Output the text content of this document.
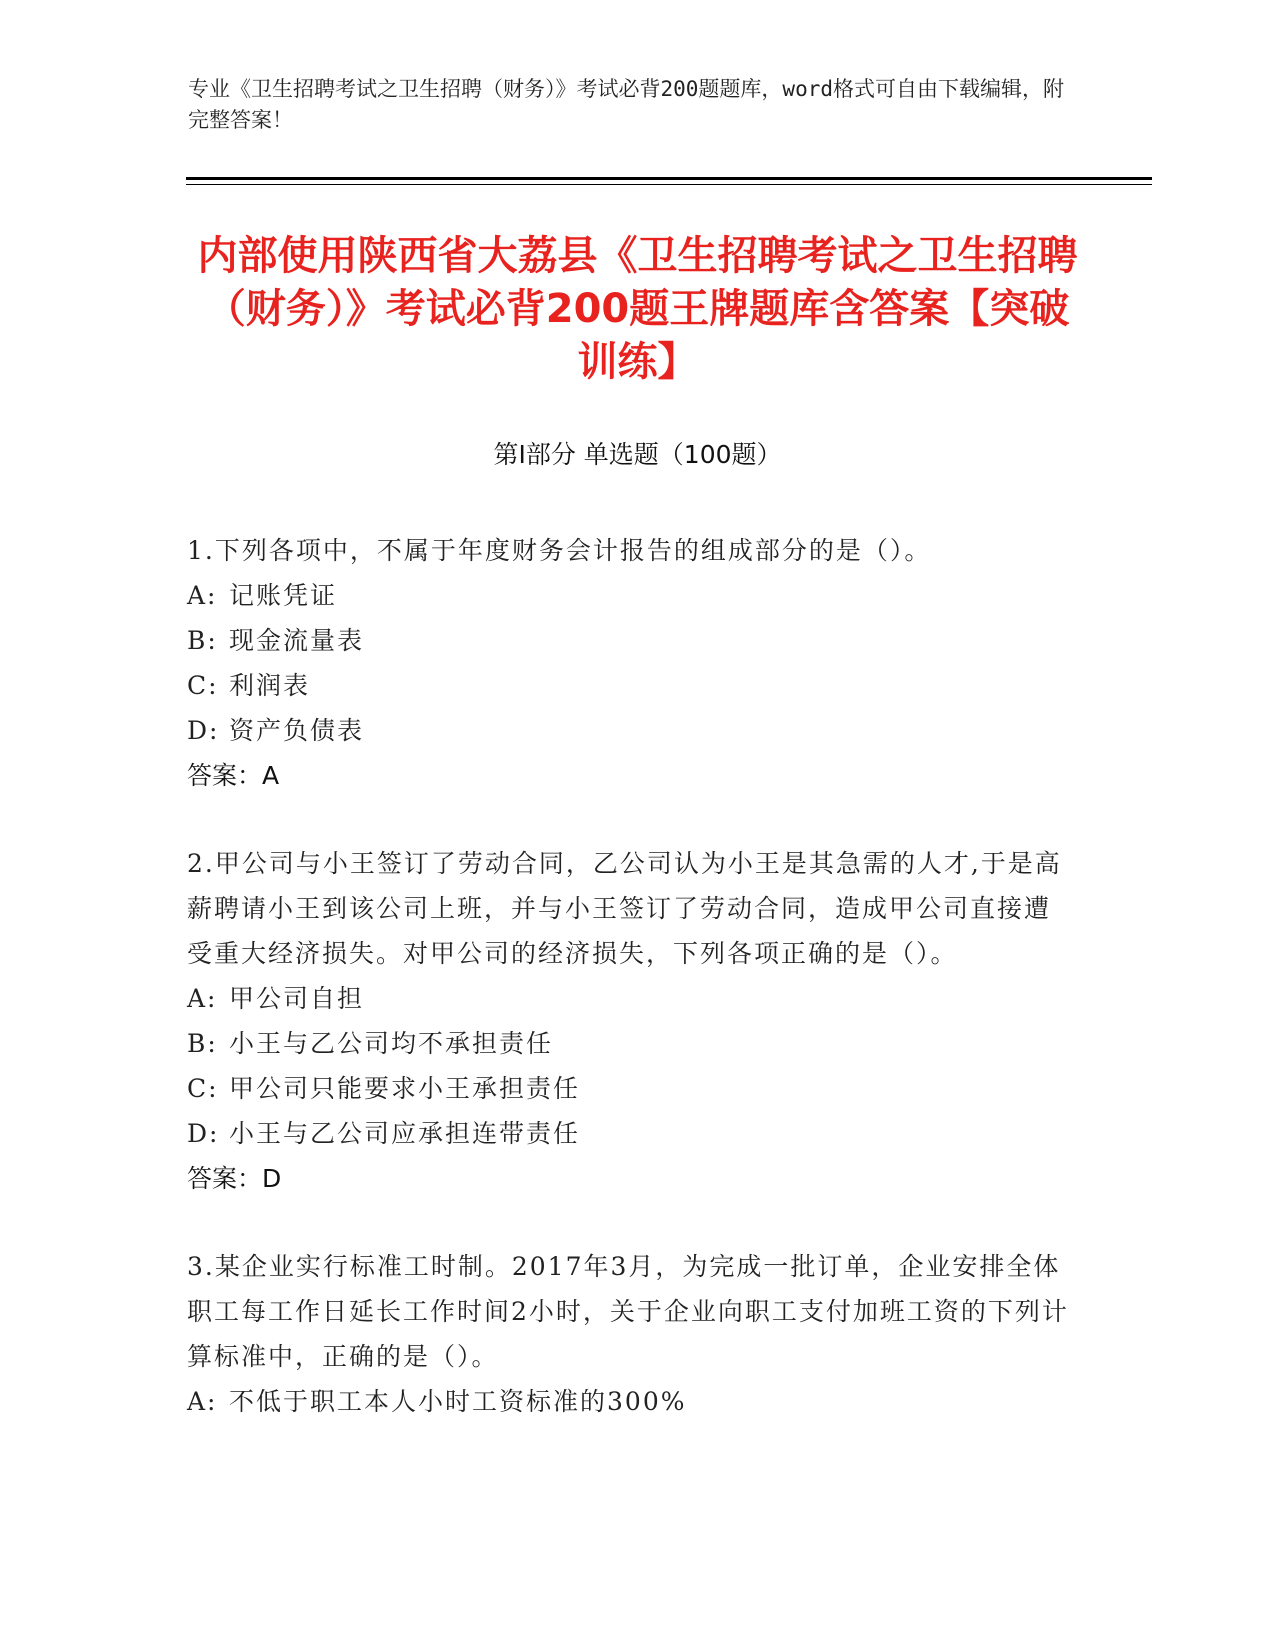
专业《卫生招聘考试之卫生招聘（财务）》考试必背200题题库，word格式可自由下载编辑，附完整答案！
内部使用陕西省大荔县《卫生招聘考试之卫生招聘（财务）》考试必背200题王牌题库含答案【突破训练】
第I部分 单选题（100题）
1.下列各项中，不属于年度财务会计报告的组成部分的是（）。
A: 记账凭证
B: 现金流量表
C: 利润表
D: 资产负债表
答案：A
2.甲公司与小王签订了劳动合同，乙公司认为小王是其急需的人才,于是高薪聘请小王到该公司上班，并与小王签订了劳动合同，造成甲公司直接遭受重大经济损失。对甲公司的经济损失，下列各项正确的是（）。
A: 甲公司自担
B: 小王与乙公司均不承担责任
C: 甲公司只能要求小王承担责任
D: 小王与乙公司应承担连带责任
答案：D
3.某企业实行标准工时制。2017年3月，为完成一批订单，企业安排全体职工每工作日延长工作时间2小时，关于企业向职工支付加班工资的下列计算标准中，正确的是（）。
A: 不低于职工本人小时工资标准的300%
